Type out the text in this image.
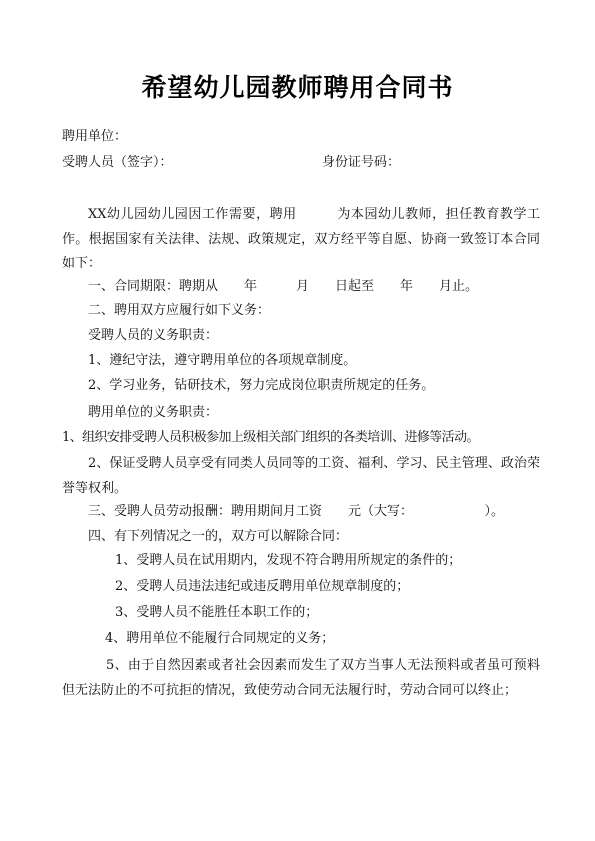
希望幼儿园教师聘用合同书
聘用单位：
受聘人员（签字）：	身份证号码：
XX幼儿园幼儿园因工作需要，聘用　　　为本园幼儿教师，担任教育教学工作。根据国家有关法律、法规、政策规定，双方经平等自愿、协商一致签订本合同如下：
一、合同期限：聘期从　　年　　　月　　日起至　　年　　月止。
二、聘用双方应履行如下义务：
受聘人员的义务职责：
1、遵纪守法，遵守聘用单位的各项规章制度。
2、学习业务，钻研技术，努力完成岗位职责所规定的任务。
聘用单位的义务职责：
1、组织安排受聘人员积极参加上级相关部门组织的各类培训、进修等活动。
2、保证受聘人员享受有同类人员同等的工资、福利、学习、民主管理、政治荣誉等权利。
三、受聘人员劳动报酬：聘用期间月工资　　元（大写：　　　　　　）。
四、有下列情况之一的，双方可以解除合同：
1、受聘人员在试用期内，发现不符合聘用所规定的条件的；
2、受聘人员违法违纪或违反聘用单位规章制度的；
3、受聘人员不能胜任本职工作的；
4、聘用单位不能履行合同规定的义务；
5、由于自然因素或者社会因素而发生了双方当事人无法预料或者虽可预料但无法防止的不可抗拒的情况，致使劳动合同无法履行时，劳动合同可以终止；
